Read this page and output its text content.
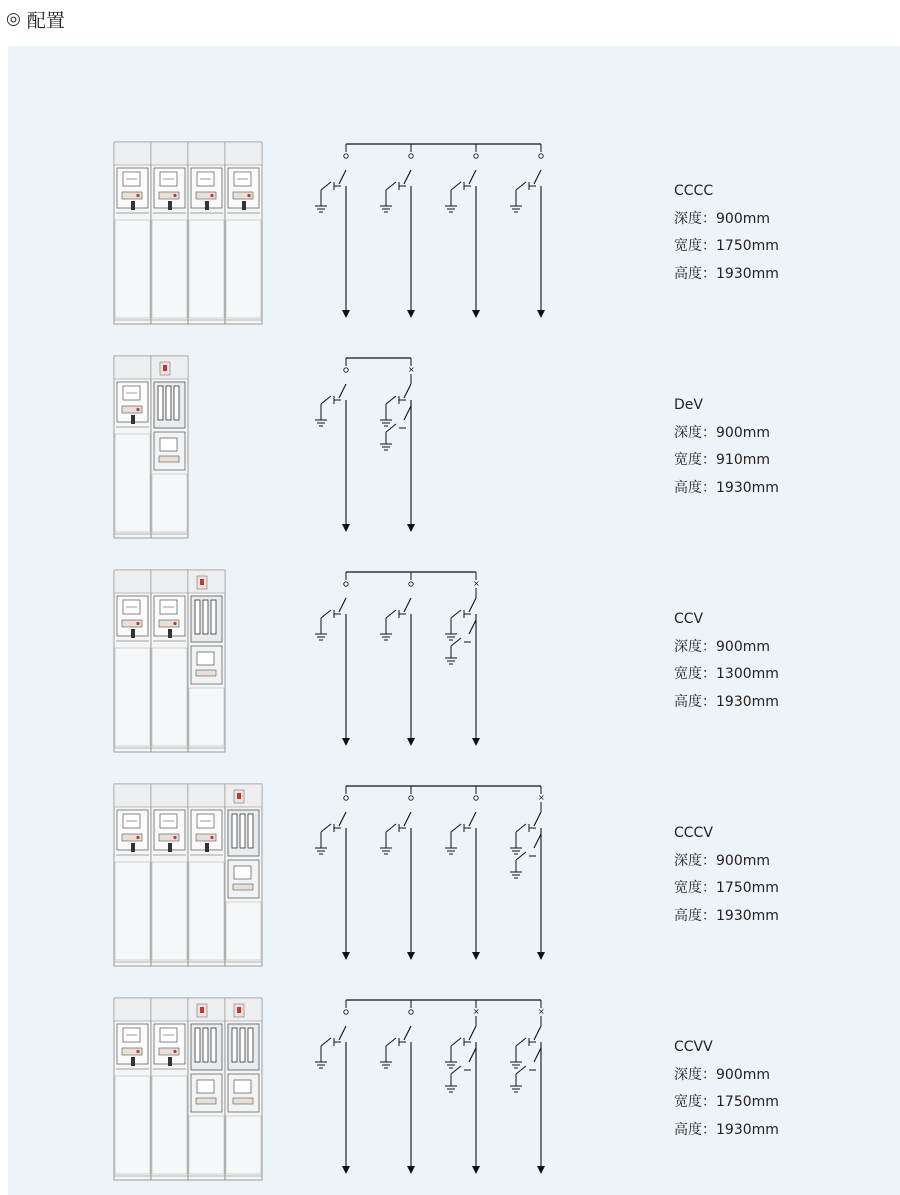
◎ 配置
CCCC
深度：900mm
宽度：1750mm
高度：1930mm
×
DeV
深度：900mm
宽度：910mm
高度：1930mm
×
CCV
深度：900mm
宽度：1300mm
高度：1930mm
×
CCCV
深度：900mm
宽度：1750mm
高度：1930mm
×	×
CCVV
深度：900mm
宽度：1750mm
高度：1930mm
